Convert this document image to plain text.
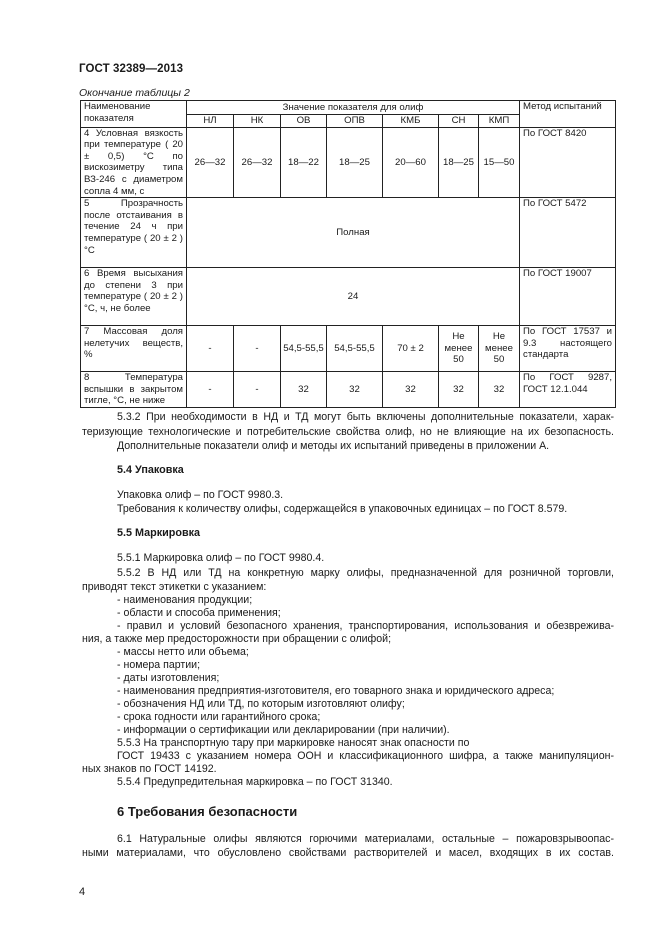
ГОСТ 32389—2013
Окончание таблицы 2
Наименование показателя	Значение показателя для олиф							Метод испытаний
	НЛ	НК	ОВ	ОПВ	КМБ	СН	КМП	
4 Условная вязкость при температуре ( 20 ± 0,5) °С по вискозиметру типа ВЗ-246 с диаметром сопла 4 мм, с	26—32	26—32	18—22	18—25	20—60	18—25	15—50	По ГОСТ 8420
5 Прозрачность после отстаивания в течение 24 ч при температуре ( 20 ± 2 ) °С	Полная							По ГОСТ 5472
6 Время высыхания до степени 3 при температуре ( 20 ± 2 ) °С, ч, не более	24							По ГОСТ 19007
7 Массовая доля нелетучих веществ, %	-	-	54,5-55,5	54,5-55,5	70 ± 2	Не менее 50	Не менее 50	По ГОСТ 17537 и 9.3 настоящего стандарта
8 Температура вспышки в закрытом тигле, °С, не ниже	-	-	32	32	32	32	32	По ГОСТ 9287, ГОСТ 12.1.044
5.3.2 При необходимости в НД и ТД могут быть включены дополнительные показатели, харак-
теризующие технологические и потребительские свойства олиф, но не влияющие на их безопасность.
Дополнительные показатели олиф и методы их испытаний приведены в приложении А.
5.4 Упаковка
Упаковка олиф – по ГОСТ 9980.3.
Требования к количеству олифы, содержащейся в упаковочных единицах – по ГОСТ 8.579.
5.5 Маркировка
5.5.1 Маркировка олиф – по ГОСТ 9980.4.
5.5.2 В НД или ТД на конкретную марку олифы, предназначенной для розничной торговли,
приводят текст этикетки с указанием:
- наименования продукции;
- области и способа применения;
- правил и условий безопасного хранения, транспортирования, использования и обезврежива-
ния, а также мер предосторожности при обращении с олифой;
- массы нетто или объема;
- номера партии;
- даты изготовления;
- наименования предприятия-изготовителя, его товарного знака и юридического адреса;
- обозначения НД или ТД, по которым изготовляют олифу;
- срока годности или гарантийного срока;
- информации о сертификации или декларировании (при наличии).
5.5.3 На транспортную тару при маркировке наносят знак опасности по
ГОСТ 19433 с указанием номера ООН и классификационного шифра, а также манипуляцион-
ных знаков по ГОСТ 14192.
5.5.4 Предупредительная маркировка – по ГОСТ 31340.
6 Требования безопасности
6.1 Натуральные олифы являются горючими материалами, остальные – пожаровзрывоопас-
ными материалами, что обусловлено свойствами растворителей и масел, входящих в их состав.
4
